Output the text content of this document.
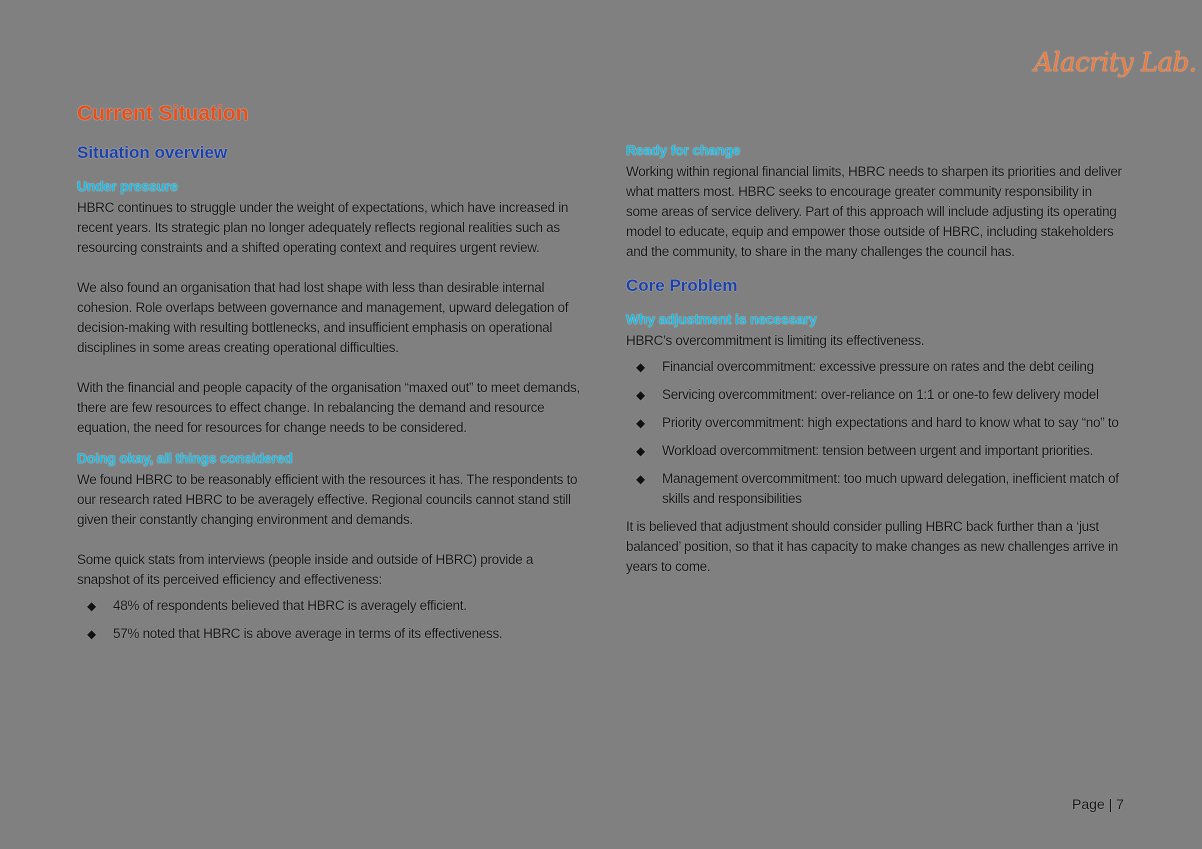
Alacrity Lab.
Current Situation
Situation overview
Under pressure

HBRC continues to struggle under the weight of expectations, which have increased in recent years. Its strategic plan no longer adequately reflects regional realities such as resourcing constraints and a shifted operating context and requires urgent review.

We also found an organisation that had lost shape with less than desirable internal cohesion. Role overlaps between governance and management, upward delegation of decision-making with resulting bottlenecks, and insufficient emphasis on operational disciplines in some areas creating operational difficulties.

With the financial and people capacity of the organisation “maxed out” to meet demands, there are few resources to effect change. In rebalancing the demand and resource equation, the need for resources for change needs to be considered.

Doing okay, all things considered

We found HBRC to be reasonably efficient with the resources it has. The respondents to our research rated HBRC to be averagely effective. Regional councils cannot stand still given their constantly changing environment and demands.

Some quick stats from interviews (people inside and outside of HBRC) provide a snapshot of its perceived efficiency and effectiveness:

◆ 48% of respondents believed that HBRC is averagely efficient.
◆ 57% noted that HBRC is above average in terms of its effectiveness.
Ready for change

Working within regional financial limits, HBRC needs to sharpen its priorities and deliver what matters most. HBRC seeks to encourage greater community responsibility in some areas of service delivery. Part of this approach will include adjusting its operating model to educate, equip and empower those outside of HBRC, including stakeholders and the community, to share in the many challenges the council has.

Core Problem
Why adjustment is necessary

HBRC’s overcommitment is limiting its effectiveness.

◆ Financial overcommitment: excessive pressure on rates and the debt ceiling
◆ Servicing overcommitment: over-reliance on 1:1 or one-to few delivery model
◆ Priority overcommitment: high expectations and hard to know what to say “no” to
◆ Workload overcommitment: tension between urgent and important priorities.
◆ Management overcommitment: too much upward delegation, inefficient match of skills and responsibilities

It is believed that adjustment should consider pulling HBRC back further than a ‘just balanced’ position, so that it has capacity to make changes as new challenges arrive in years to come.

Page | 7
